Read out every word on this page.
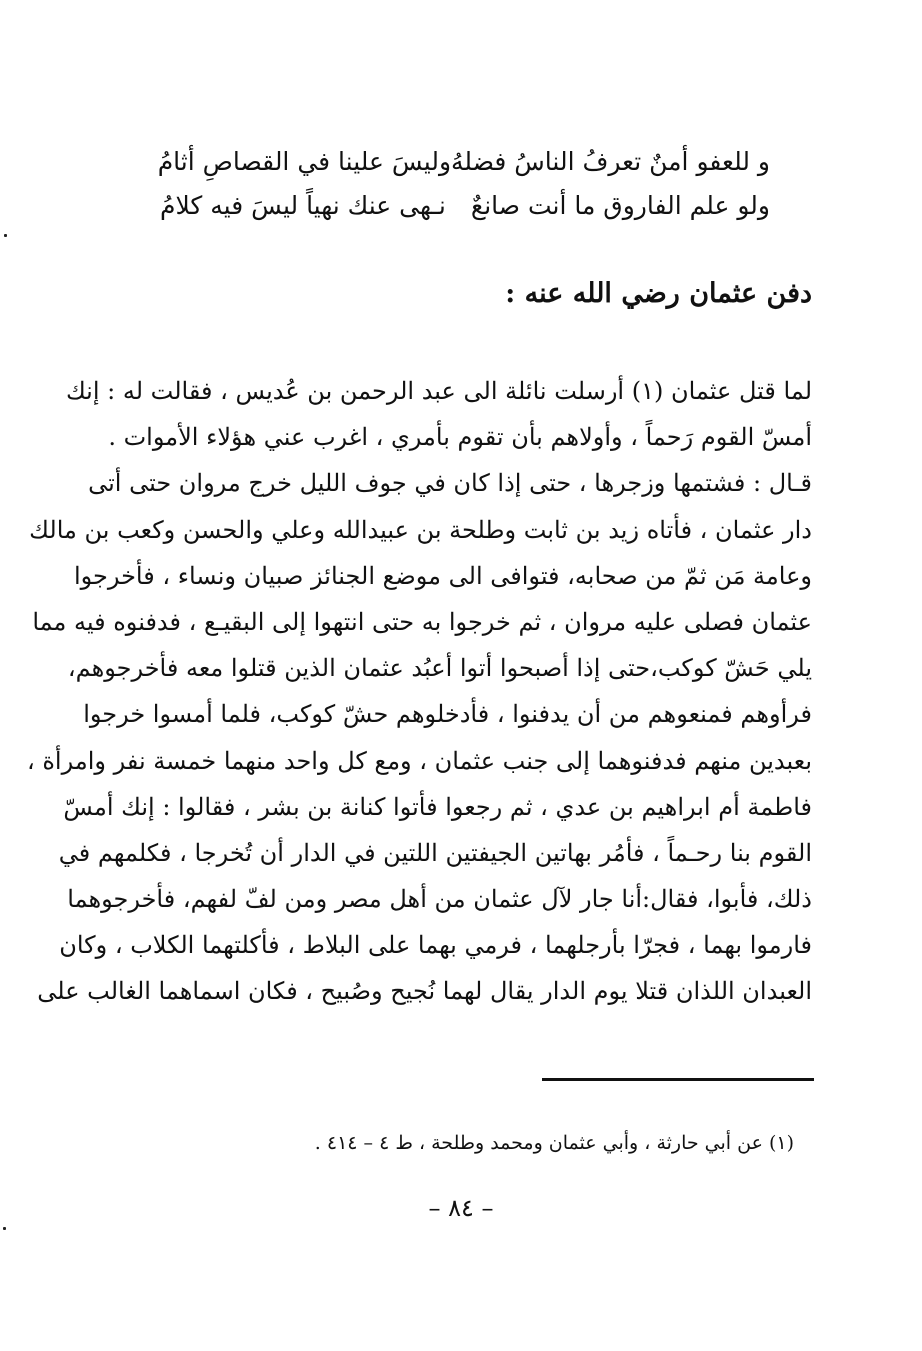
و للعفو أمنٌ تعرفُ الناسُ فضلهُ
وليسَ علينا في القصاصِ أثامُ
ولو علم الفاروق ما أنت صانعٌ
نـهى عنك نهياً ليسَ فيه كلامُ
دفن عثمان رضي الله عنه :
لما قتل عثمان (١) أرسلت نائلة الى عبد الرحمن بن عُديس ، فقالت له : إنك
أمسّ القوم رَحماً ، وأولاهم بأن تقوم بأمري ، اغرب عني هؤلاء الأموات .
قـال : فشتمها وزجرها ، حتى إذا كان في جوف الليل خرج مروان حتى أتى
دار عثمان ، فأتاه زيد بن ثابت وطلحة بن عبيدالله وعلي والحسن وكعب بن مالك
وعامة مَن ثمّ من صحابه، فتوافى الى موضع الجنائز صبيان ونساء ، فأخرجوا
عثمان فصلى عليه مروان ، ثم خرجوا به حتى انتهوا إلى البقيـع ، فدفنوه فيه مما
يلي حَشّ كوكب،حتى إذا أصبحوا أتوا أعبُد عثمان الذين قتلوا معه فأخرجوهم،
فرأوهم فمنعوهم من أن يدفنوا ، فأدخلوهم حشّ كوكب، فلما أمسوا خرجوا
بعبدين منهم فدفنوهما إلى جنب عثمان ، ومع كل واحد منهما خمسة نفر وامرأة ،
فاطمة أم ابراهيم بن عدي ، ثم رجعوا فأتوا كنانة بن بشر ، فقالوا : إنك أمسّ
القوم بنا رحـماً ، فأمُر بهاتين الجيفتين اللتين في الدار أن تُخرجا ، فكلمهم في
ذلك، فأبوا، فقال:أنا جار لآل عثمان من أهل مصر ومن لفّ لفهم، فأخرجوهما
فارموا بهما ، فجرّا بأرجلهما ، فرمي بهما على البلاط ، فأكلتهما الكلاب ، وكان
العبدان اللذان قتلا يوم الدار يقال لهما نُجيح وصُبيح ، فكان اسماهما الغالب على
(١) عن أبي حارثة ، وأبي عثمان ومحمد وطلحة ، ط ٤ – ٤١٤ .
– ٨٤ –
